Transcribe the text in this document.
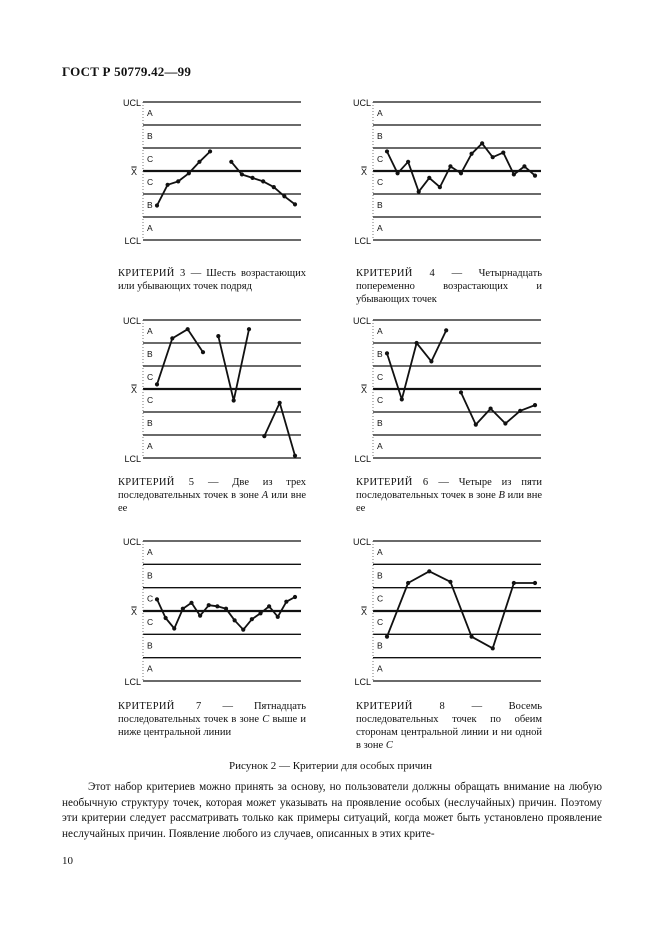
ГОСТ Р 50779.42—99
UCL
LCL
X̿
A
B
C
C
B
A
UCL
LCL
X̿
A
B
C
C
B
A
UCL
LCL
X̿
A
B
C
C
B
A
UCL
LCL
X̿
A
B
C
C
B
A
UCL
LCL
X̿
A
B
C
C
B
A
UCL
LCL
X̿
A
B
C
C
B
A
КРИТЕРИЙ 3 — Шесть возрастающих или убывающих точек подряд
КРИТЕРИЙ 4 — Четырнадцать попеременно возрастающих и убывающих точек
КРИТЕРИЙ 5 — Две из трех последовательных точек в зоне A или вне ее
КРИТЕРИЙ 6 — Четыре из пяти последовательных точек в зоне B или вне ее
КРИТЕРИЙ 7 — Пятнадцать последовательных точек в зоне C выше и ниже центральной линии
КРИТЕРИЙ 8 — Восемь последовательных точек по обеим сторонам центральной линии и ни одной в зоне C
Рисунок 2 — Критерии для особых причин
Этот набор критериев можно принять за основу, но пользователи должны обращать внимание на любую необычную структуру точек, которая может указывать на проявление особых (неслучайных) причин. Поэтому эти критерии следует рассматривать только как примеры ситуаций, когда может быть установлено проявление неслучайных причин. Появление любого из случаев, описанных в этих крите-
10
